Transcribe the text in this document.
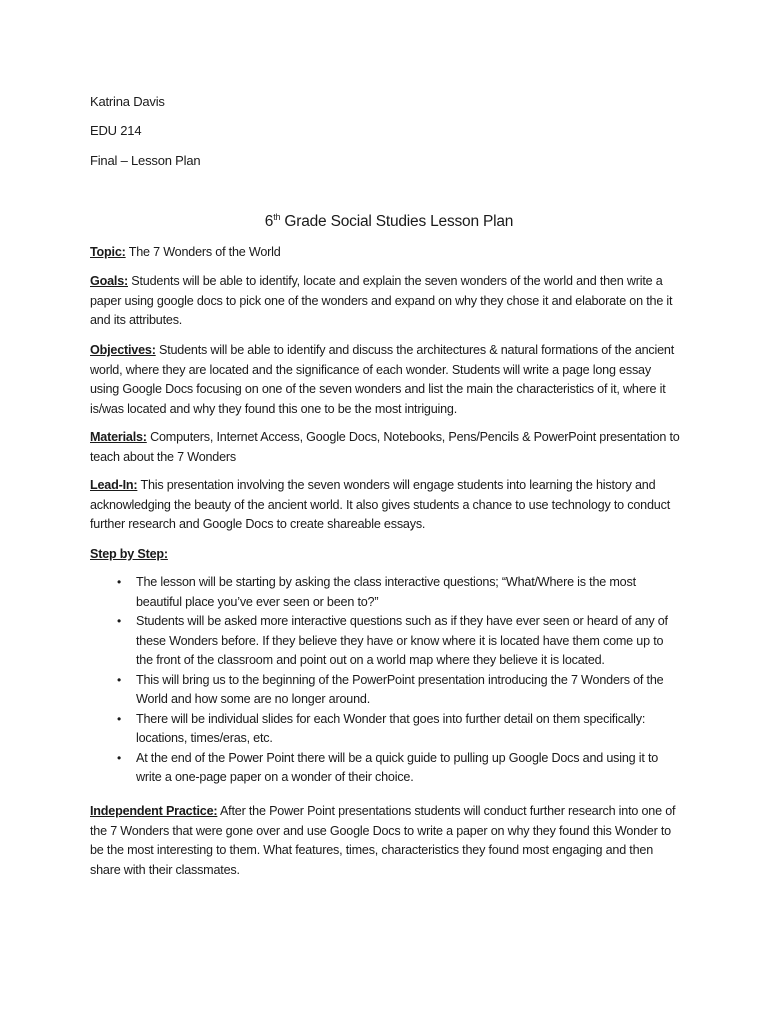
Katrina Davis
EDU 214
Final – Lesson Plan
6th Grade Social Studies Lesson Plan
Topic: The 7 Wonders of the World
Goals: Students will be able to identify, locate and explain the seven wonders of the world and then write a paper using google docs to pick one of the wonders and expand on why they chose it and elaborate on the it and its attributes.
Objectives: Students will be able to identify and discuss the architectures & natural formations of the ancient world, where they are located and the significance of each wonder. Students will write a page long essay using Google Docs focusing on one of the seven wonders and list the main the characteristics of it, where it is/was located and why they found this one to be the most intriguing.
Materials: Computers, Internet Access, Google Docs, Notebooks, Pens/Pencils & PowerPoint presentation to teach about the 7 Wonders
Lead-In: This presentation involving the seven wonders will engage students into learning the history and acknowledging the beauty of the ancient world. It also gives students a chance to use technology to conduct further research and Google Docs to create shareable essays.
Step by Step:
• The lesson will be starting by asking the class interactive questions; “What/Where is the most beautiful place you’ve ever seen or been to?”
• Students will be asked more interactive questions such as if they have ever seen or heard of any of these Wonders before. If they believe they have or know where it is located have them come up to the front of the classroom and point out on a world map where they believe it is located.
• This will bring us to the beginning of the PowerPoint presentation introducing the 7 Wonders of the World and how some are no longer around.
• There will be individual slides for each Wonder that goes into further detail on them specifically: locations, times/eras, etc.
• At the end of the Power Point there will be a quick guide to pulling up Google Docs and using it to write a one-page paper on a wonder of their choice.
Independent Practice: After the Power Point presentations students will conduct further research into one of the 7 Wonders that were gone over and use Google Docs to write a paper on why they found this Wonder to be the most interesting to them. What features, times, characteristics they found most engaging and then share with their classmates.
